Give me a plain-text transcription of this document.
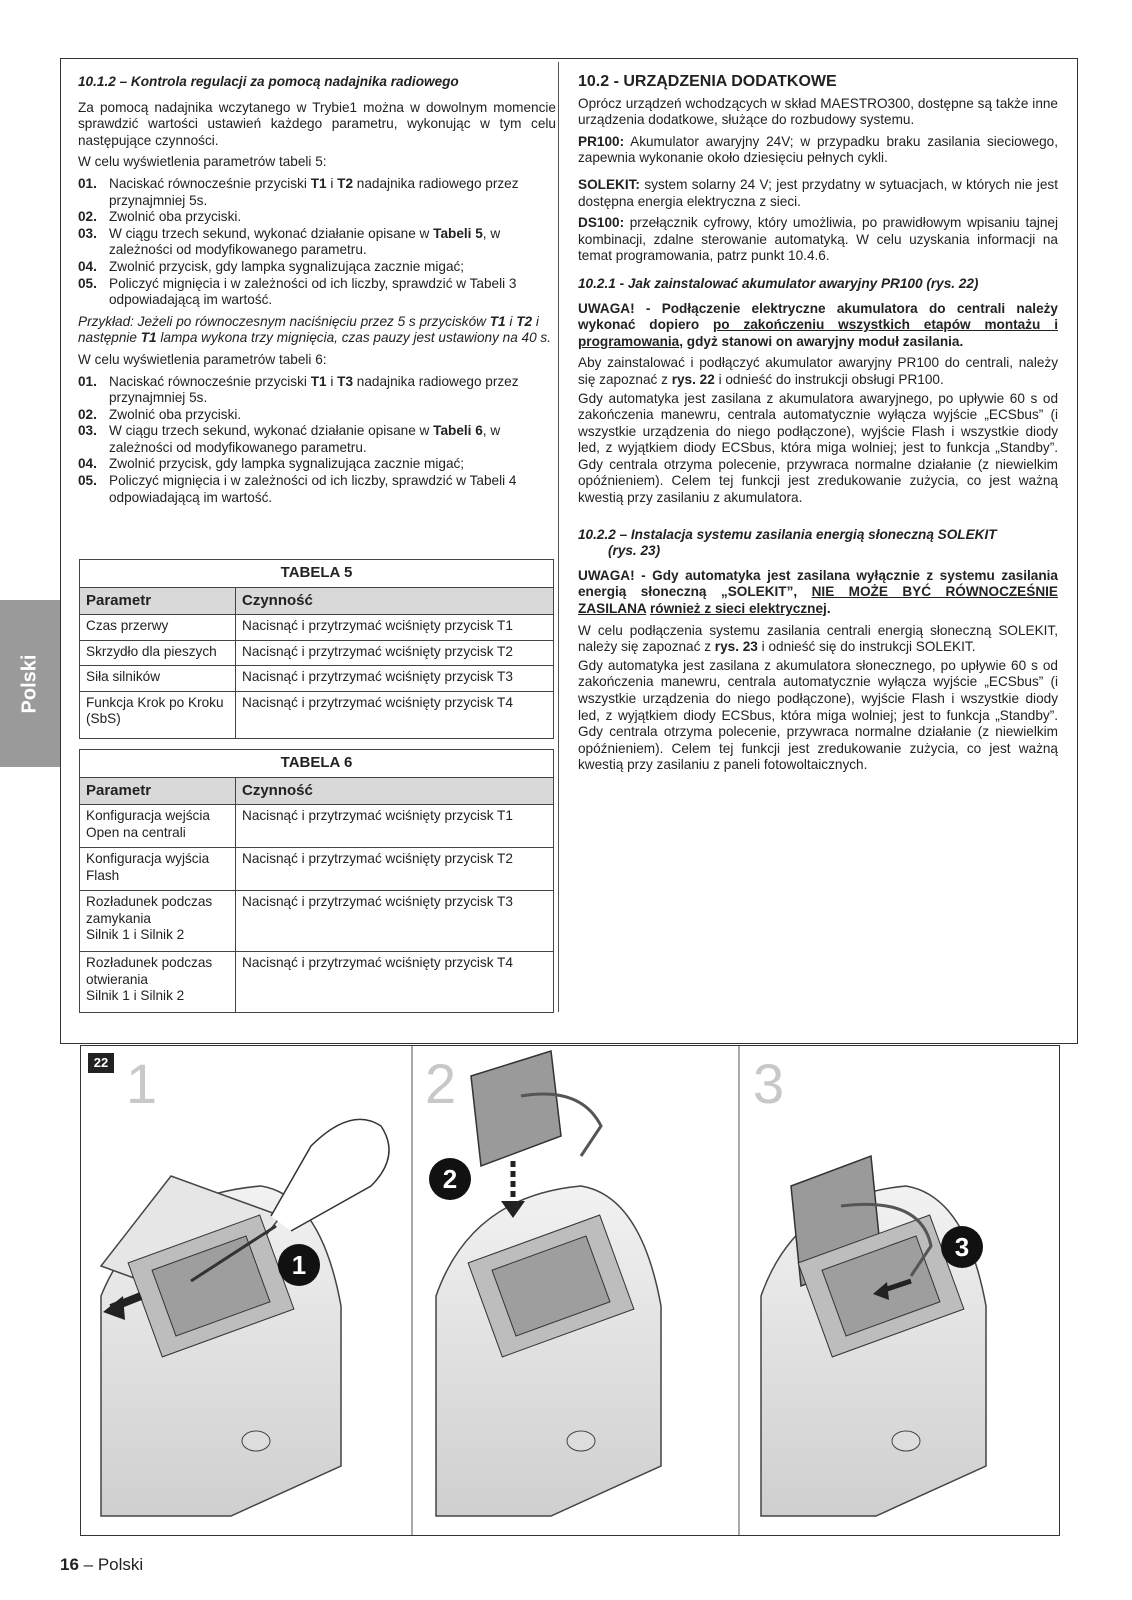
Polski

10.1.2 – Kontrola regulacji za pomocą nadajnika radiowego

Za pomocą nadajnika wczytanego w Trybie1 można w dowolnym momencie sprawdzić wartości ustawień każdego parametru, wykonując w tym celu następujące czynności.

W celu wyświetlenia parametrów tabeli 5:

01. Naciskać równocześnie przyciski T1 i T2 nadajnika radiowego przez przynajmniej 5s.
02. Zwolnić oba przyciski.
03. W ciągu trzech sekund, wykonać działanie opisane w Tabeli 5, w zależności od modyfikowanego parametru.
04. Zwolnić przycisk, gdy lampka sygnalizująca zacznie migać;
05. Policzyć mignięcia i w zależności od ich liczby, sprawdzić w Tabeli 3 odpowiadającą im wartość.

Przykład: Jeżeli po równoczesnym naciśnięciu przez 5 s przycisków T1 i T2 i następnie T1 lampa wykona trzy mignięcia, czas pauzy jest ustawiony na 40 s.

W celu wyświetlenia parametrów tabeli 6:

01. Naciskać równocześnie przyciski T1 i T3 nadajnika radiowego przez przynajmniej 5s.
02. Zwolnić oba przyciski.
03. W ciągu trzech sekund, wykonać działanie opisane w Tabeli 6, w zależności od modyfikowanego parametru.
04. Zwolnić przycisk, gdy lampka sygnalizująca zacznie migać;
05. Policzyć mignięcia i w zależności od ich liczby, sprawdzić w Tabeli 4 odpowiadającą im wartość.
TABELA 5	
Parametr	Czynność
Czas przerwy	Nacisnąć i przytrzymać wciśnięty przycisk T1
Skrzydło dla pieszych	Nacisnąć i przytrzymać wciśnięty przycisk T2
Siła silników	Nacisnąć i przytrzymać wciśnięty przycisk T3
Funkcja Krok po Kroku (SbS)	Nacisnąć i przytrzymać wciśnięty przycisk T4
TABELA 6	
Parametr	Czynność

Konfiguracja wejścia
Open na centrali	Nacisnąć i przytrzymać wciśnięty przycisk T1

Konfiguracja wyjścia
Flash	Nacisnąć i przytrzymać wciśnięty przycisk T2

Rozładunek podczas
zamykania
Silnik 1 i Silnik 2	Nacisnąć i przytrzymać wciśnięty przycisk T3

Rozładunek podczas
otwierania
Silnik 1 i Silnik 2	Nacisnąć i przytrzymać wciśnięty przycisk T4

10.2 - URZĄDZENIA DODATKOWE

Oprócz urządzeń wchodzących w skład MAESTRO300, dostępne są także inne urządzenia dodatkowe, służące do rozbudowy systemu.

PR100: Akumulator awaryjny 24V; w przypadku braku zasilania sieciowego, zapewnia wykonanie około dziesięciu pełnych cykli.

SOLEKIT: system solarny 24 V; jest przydatny w sytuacjach, w których nie jest dostępna energia elektryczna z sieci.

DS100: przełącznik cyfrowy, który umożliwia, po prawidłowym wpisaniu tajnej kombinacji, zdalne sterowanie automatyką. W celu uzyskania informacji na temat programowania, patrz punkt 10.4.6.

10.2.1 - Jak zainstalować akumulator awaryjny PR100 (rys. 22)

UWAGA! - Podłączenie elektryczne akumulatora do centrali należy wykonać dopiero po zakończeniu wszystkich etapów montażu i programowania, gdyż stanowi on awaryjny moduł zasilania.

Aby zainstalować i podłączyć akumulator awaryjny PR100 do centrali, należy się zapoznać z rys. 22 i odnieść do instrukcji obsługi PR100.

Gdy automatyka jest zasilana z akumulatora awaryjnego, po upływie 60 s od zakończenia manewru, centrala automatycznie wyłącza wyjście „ECSbus” (i wszystkie urządzenia do niego podłączone), wyjście Flash i wszystkie diody led, z wyjątkiem diody ECSbus, która miga wolniej; jest to funkcja „Standby”. Gdy centrala otrzyma polecenie, przywraca normalne działanie (z niewielkim opóźnieniem). Celem tej funkcji jest zredukowanie zużycia, co jest ważną kwestią przy zasilaniu z akumulatora.

10.2.2 – Instalacja systemu zasilania energią słoneczną SOLEKIT
(rys. 23)

UWAGA! - Gdy automatyka jest zasilana wyłącznie z systemu zasilania energią słoneczną „SOLEKIT”, NIE MOŻE BYĆ RÓWNOCZEŚNIE ZASILANA również z sieci elektrycznej.

W celu podłączenia systemu zasilania centrali energią słoneczną SOLEKIT, należy się zapoznać z rys. 23 i odnieść się do instrukcji SOLEKIT.

Gdy automatyka jest zasilana z akumulatora słonecznego, po upływie 60 s od zakończenia manewru, centrala automatycznie wyłącza wyjście „ECSbus” (i wszystkie urządzenia do niego podłączone), wyjście Flash i wszystkie diody led, z wyjątkiem diody ECSbus, która miga wolniej; jest to funkcja „Standby”. Gdy centrala otrzyma polecenie, przywraca normalne działanie (z niewielkim opóźnieniem). Celem tej funkcji jest zredukowanie zużycia, co jest ważną kwestią przy zasilaniu z paneli fotowoltaicznych.

22 1	2	3
1
2
3
16 – Polski
